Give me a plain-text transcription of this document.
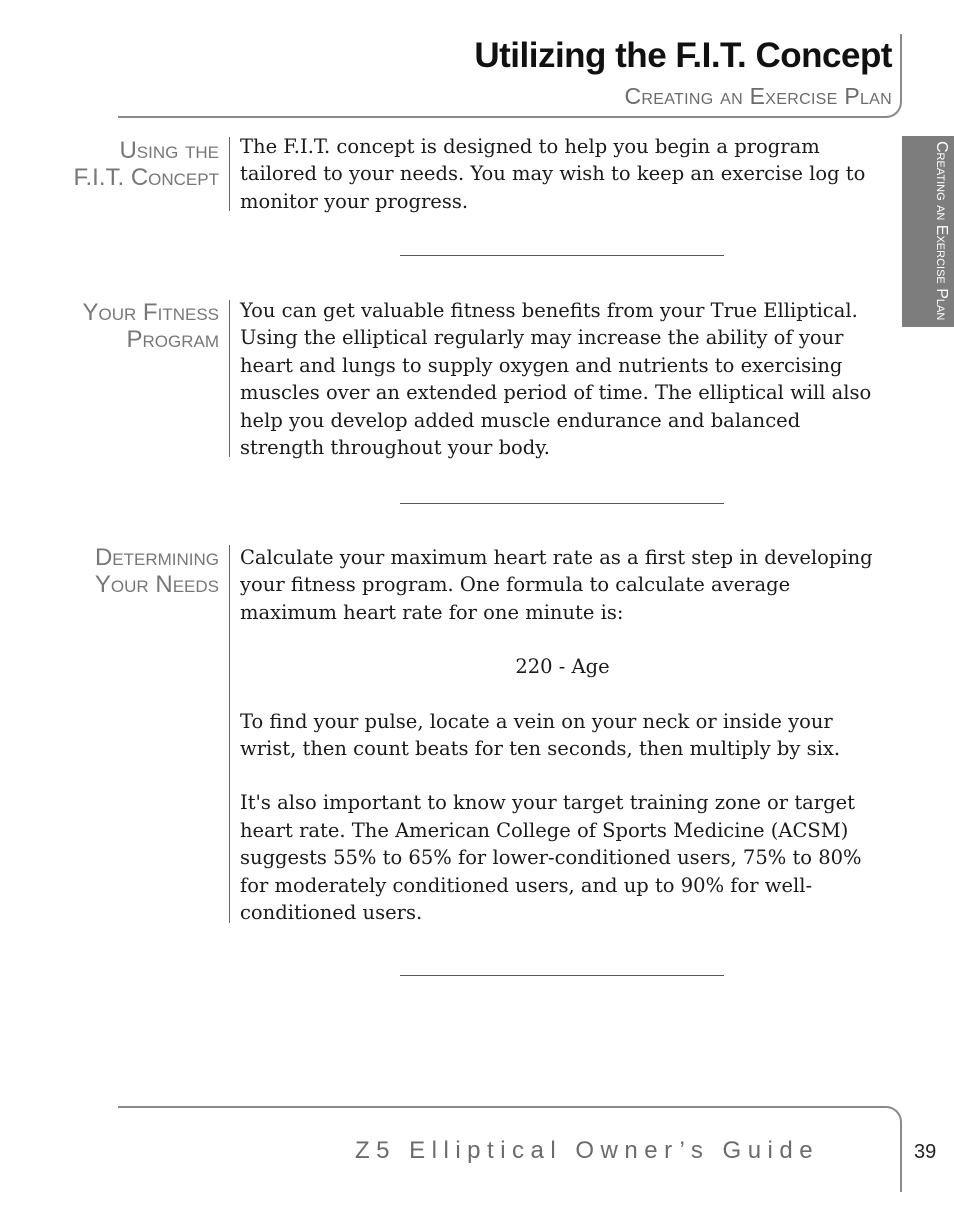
Utilizing the F.I.T. Concept
Creating an Exercise Plan
Creating an Exercise Plan
Using the
F.I.T. Concept

The F.I.T. concept is designed to help you begin a program tailored to your needs. You may wish to keep an exercise log to monitor your progress.

Your Fitness
Program

You can get valuable fitness benefits from your True Elliptical. Using the elliptical regularly may increase the ability of your heart and lungs to supply oxygen and nutrients to exercising muscles over an extended period of time. The elliptical will also help you develop added muscle endurance and balanced strength throughout your body.

Determining
Your Needs

Calculate your maximum heart rate as a first step in developing your fitness program. One formula to calculate average maximum heart rate for one minute is:

220 - Age

To find your pulse, locate a vein on your neck or inside your wrist, then count beats for ten seconds, then multiply by six.

It's also important to know your target training zone or target heart rate. The American College of Sports Medicine (ACSM) suggests 55% to 65% for lower-conditioned users, 75% to 80% for moderately conditioned users, and up to 90% for well-conditioned users.

Z5 Elliptical Owner’s Guide	39
